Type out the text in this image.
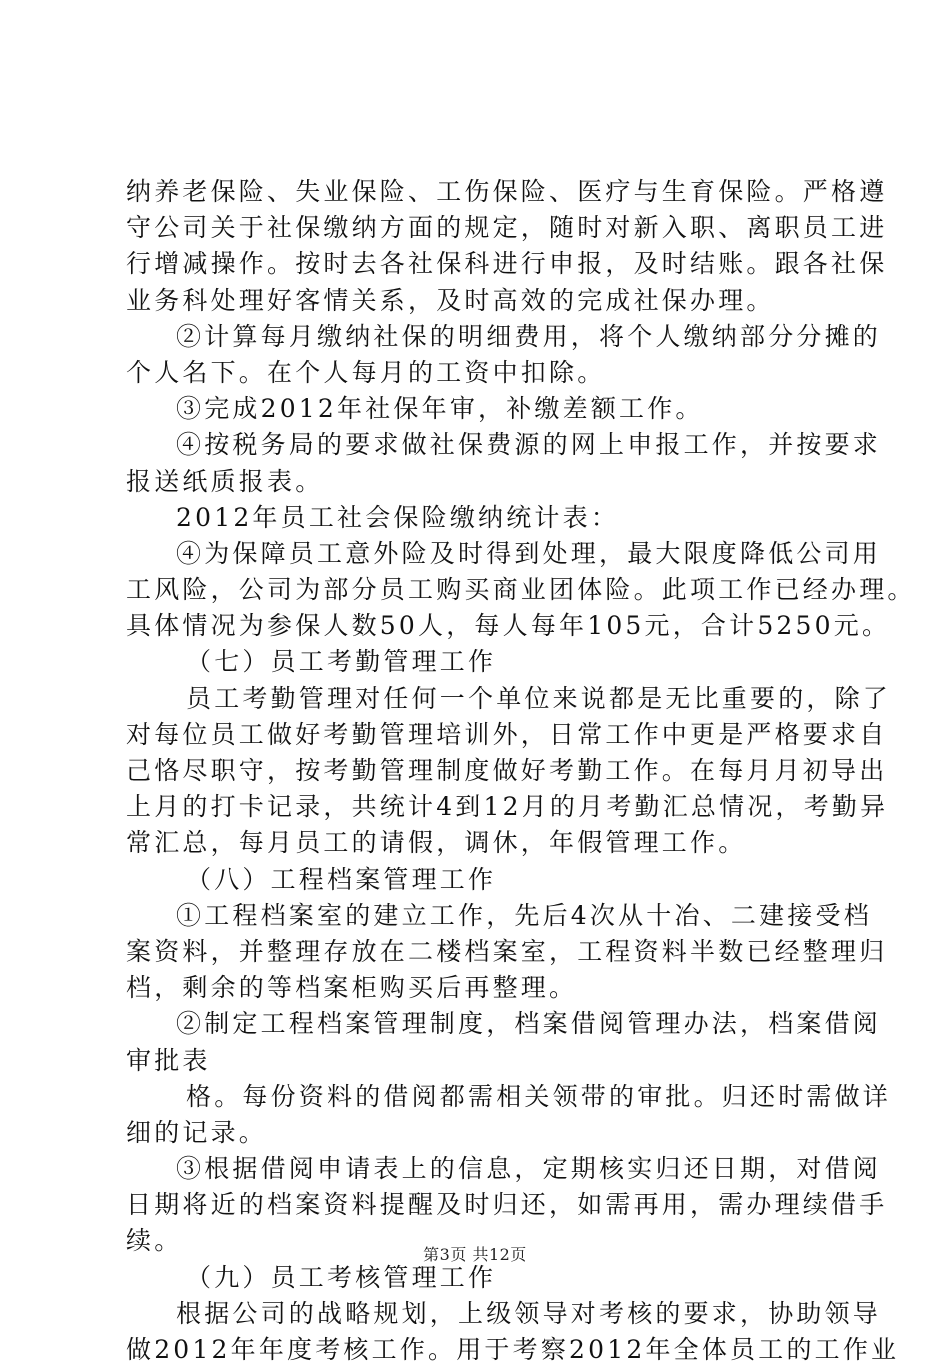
纳养老保险、失业保险、工伤保险、医疗与生育保险。严格遵
守公司关于社保缴纳方面的规定，随时对新入职、离职员工进
行增减操作。按时去各社保科进行申报，及时结账。跟各社保
业务科处理好客情关系，及时高效的完成社保办理。
②计算每月缴纳社保的明细费用，将个人缴纳部分分摊的
个人名下。在个人每月的工资中扣除。
③完成2012年社保年审，补缴差额工作。
④按税务局的要求做社保费源的网上申报工作，并按要求
报送纸质报表。
2012年员工社会保险缴纳统计表：
④为保障员工意外险及时得到处理，最大限度降低公司用
工风险，公司为部分员工购买商业团体险。此项工作已经办理。
具体情况为参保人数50人，每人每年105元，合计5250元。
（七）员工考勤管理工作
员工考勤管理对任何一个单位来说都是无比重要的，除了
对每位员工做好考勤管理培训外，日常工作中更是严格要求自
己恪尽职守，按考勤管理制度做好考勤工作。在每月月初导出
上月的打卡记录，共统计4到12月的月考勤汇总情况，考勤异
常汇总，每月员工的请假，调休，年假管理工作。
（八）工程档案管理工作
①工程档案室的建立工作，先后4次从十冶、二建接受档
案资料，并整理存放在二楼档案室，工程资料半数已经整理归
档，剩余的等档案柜购买后再整理。
②制定工程档案管理制度，档案借阅管理办法，档案借阅
审批表
格。每份资料的借阅都需相关领带的审批。归还时需做详
细的记录。
③根据借阅申请表上的信息，定期核实归还日期，对借阅
日期将近的档案资料提醒及时归还，如需再用，需办理续借手
续。
（九）员工考核管理工作
根据公司的战略规划，上级领导对考核的要求，协助领导
做2012年年度考核工作。用于考察2012年全体员工的工作业
第3页 共12页
